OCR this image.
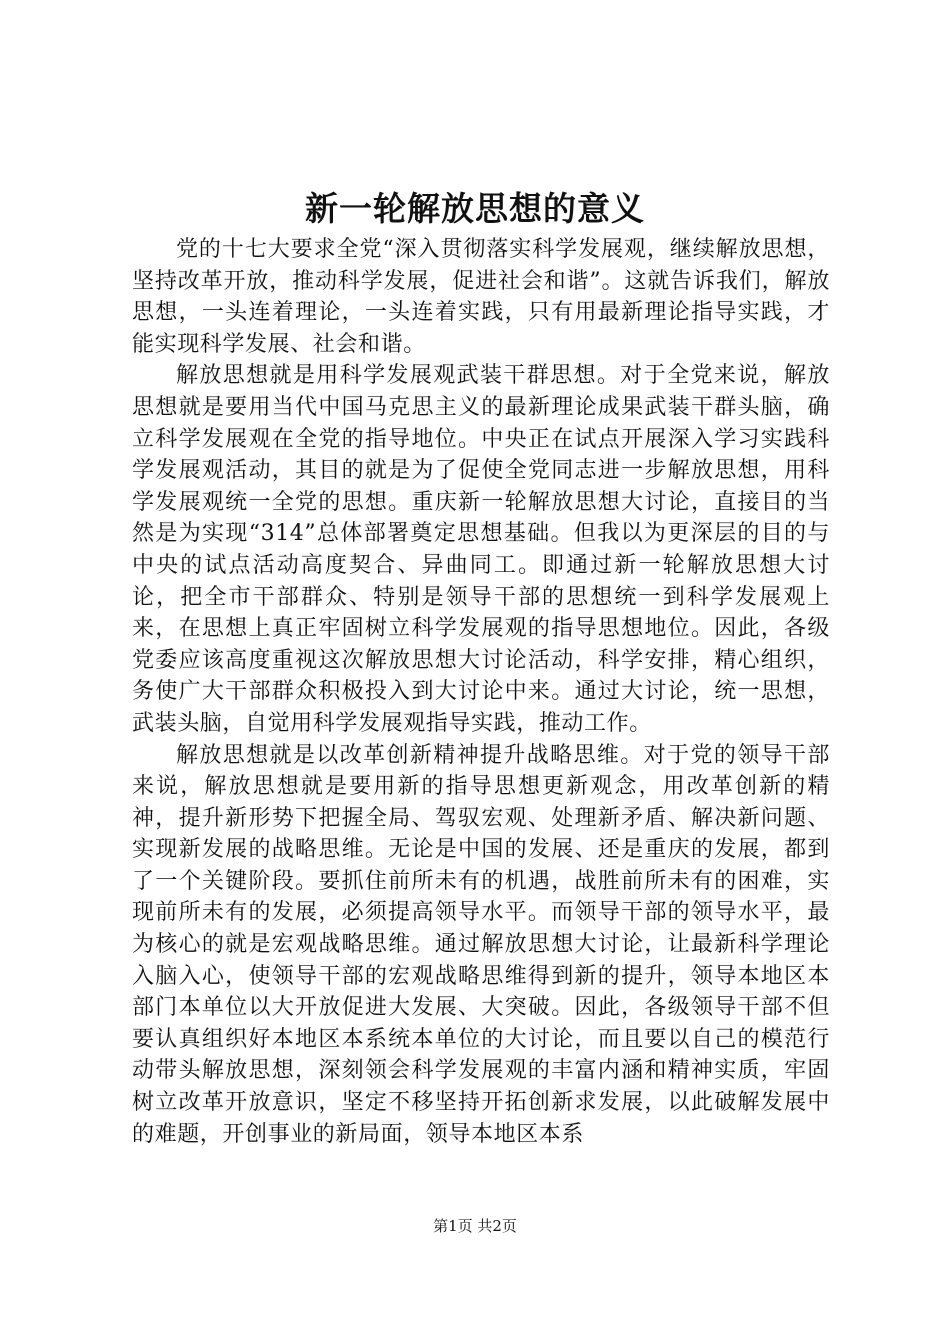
新一轮解放思想的意义

党的十七大要求全党“深入贯彻落实科学发展观，继续解放思想，坚持改革开放，推动科学发展，促进社会和谐”。这就告诉我们，解放思想，一头连着理论，一头连着实践，只有用最新理论指导实践，才能实现科学发展、社会和谐。

解放思想就是用科学发展观武装干群思想。对于全党来说，解放思想就是要用当代中国马克思主义的最新理论成果武装干群头脑，确立科学发展观在全党的指导地位。中央正在试点开展深入学习实践科学发展观活动，其目的就是为了促使全党同志进一步解放思想，用科学发展观统一全党的思想。重庆新一轮解放思想大讨论，直接目的当然是为实现“314”总体部署奠定思想基础。但我以为更深层的目的与中央的试点活动高度契合、异曲同工。即通过新一轮解放思想大讨论，把全市干部群众、特别是领导干部的思想统一到科学发展观上来，在思想上真正牢固树立科学发展观的指导思想地位。因此，各级党委应该高度重视这次解放思想大讨论活动，科学安排，精心组织，务使广大干部群众积极投入到大讨论中来。通过大讨论，统一思想，武装头脑，自觉用科学发展观指导实践，推动工作。

解放思想就是以改革创新精神提升战略思维。对于党的领导干部来说，解放思想就是要用新的指导思想更新观念，用改革创新的精神，提升新形势下把握全局、驾驭宏观、处理新矛盾、解决新问题、实现新发展的战略思维。无论是中国的发展、还是重庆的发展，都到了一个关键阶段。要抓住前所未有的机遇，战胜前所未有的困难，实现前所未有的发展，必须提高领导水平。而领导干部的领导水平，最为核心的就是宏观战略思维。通过解放思想大讨论，让最新科学理论入脑入心，使领导干部的宏观战略思维得到新的提升，领导本地区本部门本单位以大开放促进大发展、大突破。因此，各级领导干部不但要认真组织好本地区本系统本单位的大讨论，而且要以自己的模范行动带头解放思想，深刻领会科学发展观的丰富内涵和精神实质，牢固树立改革开放意识，坚定不移坚持开拓创新求发展，以此破解发展中的难题，开创事业的新局面，领导本地区本系

第1页 共2页
